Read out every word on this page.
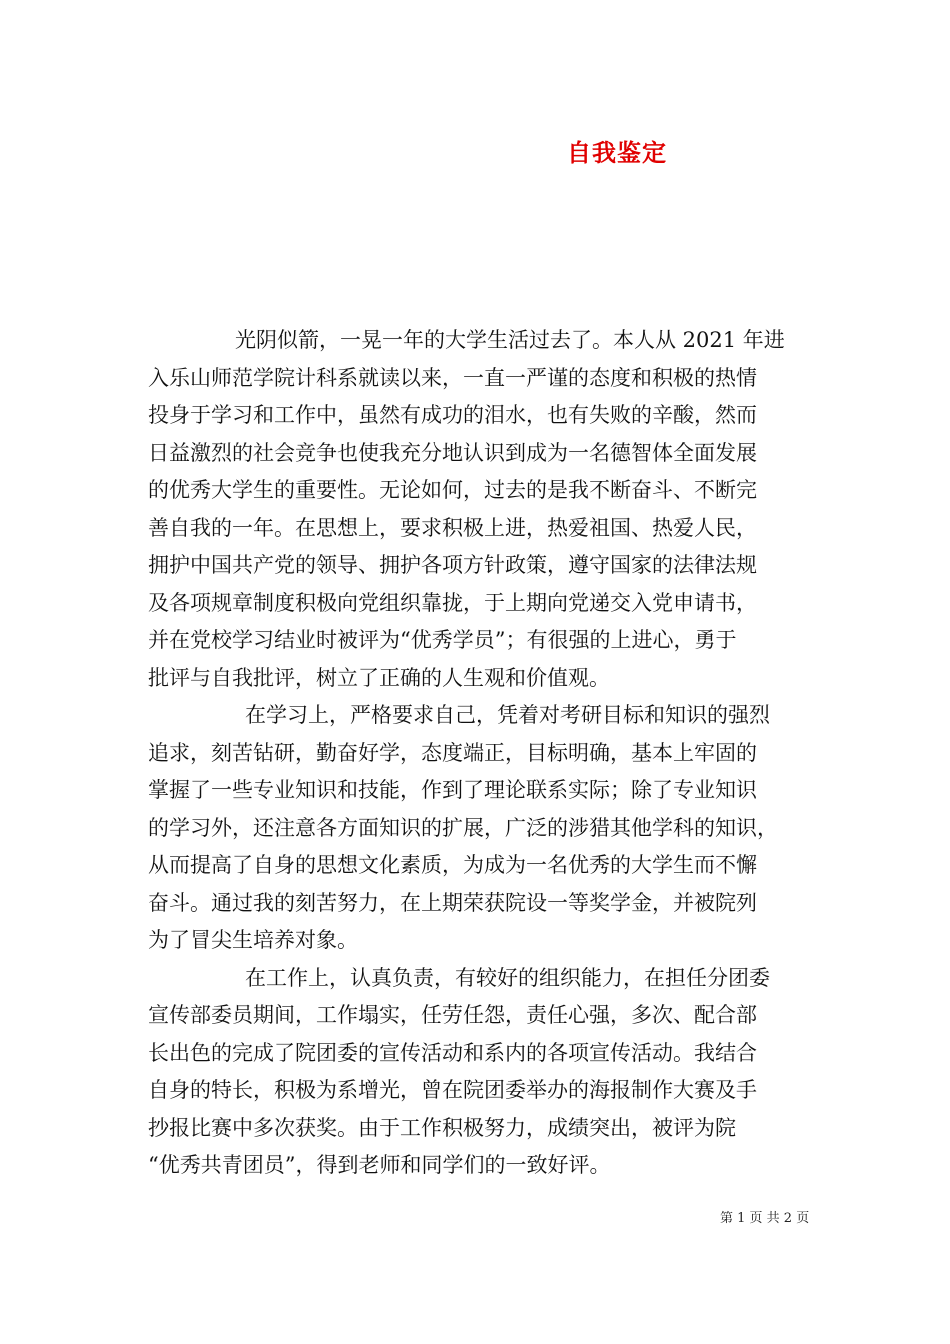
自我鉴定
光阴似箭，一晃一年的大学生活过去了。本人从 2021 年进
入乐山师范学院计科系就读以来，一直一严谨的态度和积极的热情
投身于学习和工作中，虽然有成功的泪水，也有失败的辛酸，然而
日益激烈的社会竞争也使我充分地认识到成为一名德智体全面发展
的优秀大学生的重要性。无论如何，过去的是我不断奋斗、不断完
善自我的一年。在思想上，要求积极上进，热爱祖国、热爱人民，
拥护中国共产党的领导、拥护各项方针政策，遵守国家的法律法规
及各项规章制度积极向党组织靠拢，于上期向党递交入党申请书，
并在党校学习结业时被评为“优秀学员”；有很强的上进心，勇于
批评与自我批评，树立了正确的人生观和价值观。
在学习上，严格要求自己，凭着对考研目标和知识的强烈
追求，刻苦钻研，勤奋好学，态度端正，目标明确，基本上牢固的
掌握了一些专业知识和技能，作到了理论联系实际；除了专业知识
的学习外，还注意各方面知识的扩展，广泛的涉猎其他学科的知识，
从而提高了自身的思想文化素质，为成为一名优秀的大学生而不懈
奋斗。通过我的刻苦努力，在上期荣获院设一等奖学金，并被院列
为了冒尖生培养对象。
在工作上，认真负责，有较好的组织能力，在担任分团委
宣传部委员期间，工作塌实，任劳任怨，责任心强，多次、配合部
长出色的完成了院团委的宣传活动和系内的各项宣传活动。我结合
自身的特长，积极为系增光，曾在院团委举办的海报制作大赛及手
抄报比赛中多次获奖。由于工作积极努力，成绩突出，被评为院
“优秀共青团员”，得到老师和同学们的一致好评。
第 1 页 共 2 页
